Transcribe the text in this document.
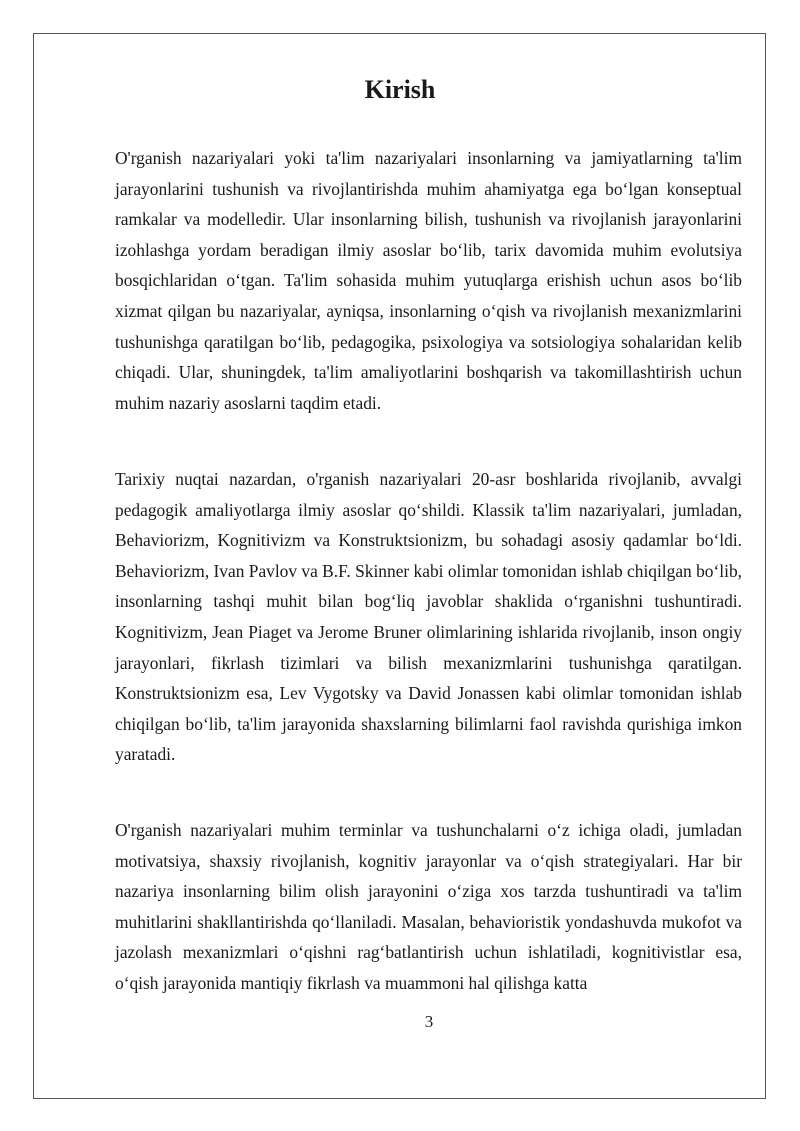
Kirish

O'rganish nazariyalari yoki ta'lim nazariyalari insonlarning va jamiyatlarning ta'lim jarayonlarini tushunish va rivojlantirishda muhim ahamiyatga ega bo‘lgan konseptual ramkalar va modelledir. Ular insonlarning bilish, tushunish va rivojlanish jarayonlarini izohlashga yordam beradigan ilmiy asoslar bo‘lib, tarix davomida muhim evolutsiya bosqichlaridan o‘tgan. Ta'lim sohasida muhim yutuqlarga erishish uchun asos bo‘lib xizmat qilgan bu nazariyalar, ayniqsa, insonlarning o‘qish va rivojlanish mexanizmlarini tushunishga qaratilgan bo‘lib, pedagogika, psixologiya va sotsiologiya sohalaridan kelib chiqadi. Ular, shuningdek, ta'lim amaliyotlarini boshqarish va takomillashtirish uchun muhim nazariy asoslarni taqdim etadi.

Tarixiy nuqtai nazardan, o'rganish nazariyalari 20-asr boshlarida rivojlanib, avvalgi pedagogik amaliyotlarga ilmiy asoslar qo‘shildi. Klassik ta'lim nazariyalari, jumladan, Behaviorizm, Kognitivizm va Konstruktsionizm, bu sohadagi asosiy qadamlar bo‘ldi. Behaviorizm, Ivan Pavlov va B.F. Skinner kabi olimlar tomonidan ishlab chiqilgan bo‘lib, insonlarning tashqi muhit bilan bog‘liq javoblar shaklida o‘rganishni tushuntiradi. Kognitivizm, Jean Piaget va Jerome Bruner olimlarining ishlarida rivojlanib, inson ongiy jarayonlari, fikrlash tizimlari va bilish mexanizmlarini tushunishga qaratilgan. Konstruktsionizm esa, Lev Vygotsky va David Jonassen kabi olimlar tomonidan ishlab chiqilgan bo‘lib, ta'lim jarayonida shaxslarning bilimlarni faol ravishda qurishiga imkon yaratadi.

O'rganish nazariyalari muhim terminlar va tushunchalarni o‘z ichiga oladi, jumladan motivatsiya, shaxsiy rivojlanish, kognitiv jarayonlar va o‘qish strategiyalari. Har bir nazariya insonlarning bilim olish jarayonini o‘ziga xos tarzda tushuntiradi va ta'lim muhitlarini shakllantirishda qo‘llaniladi. Masalan, behavioristik yondashuvda mukofot va jazolash mexanizmlari o‘qishni rag‘batlantirish uchun ishlatiladi, kognitivistlar esa, o‘qish jarayonida mantiqiy fikrlash va muammoni hal qilishga katta

3
